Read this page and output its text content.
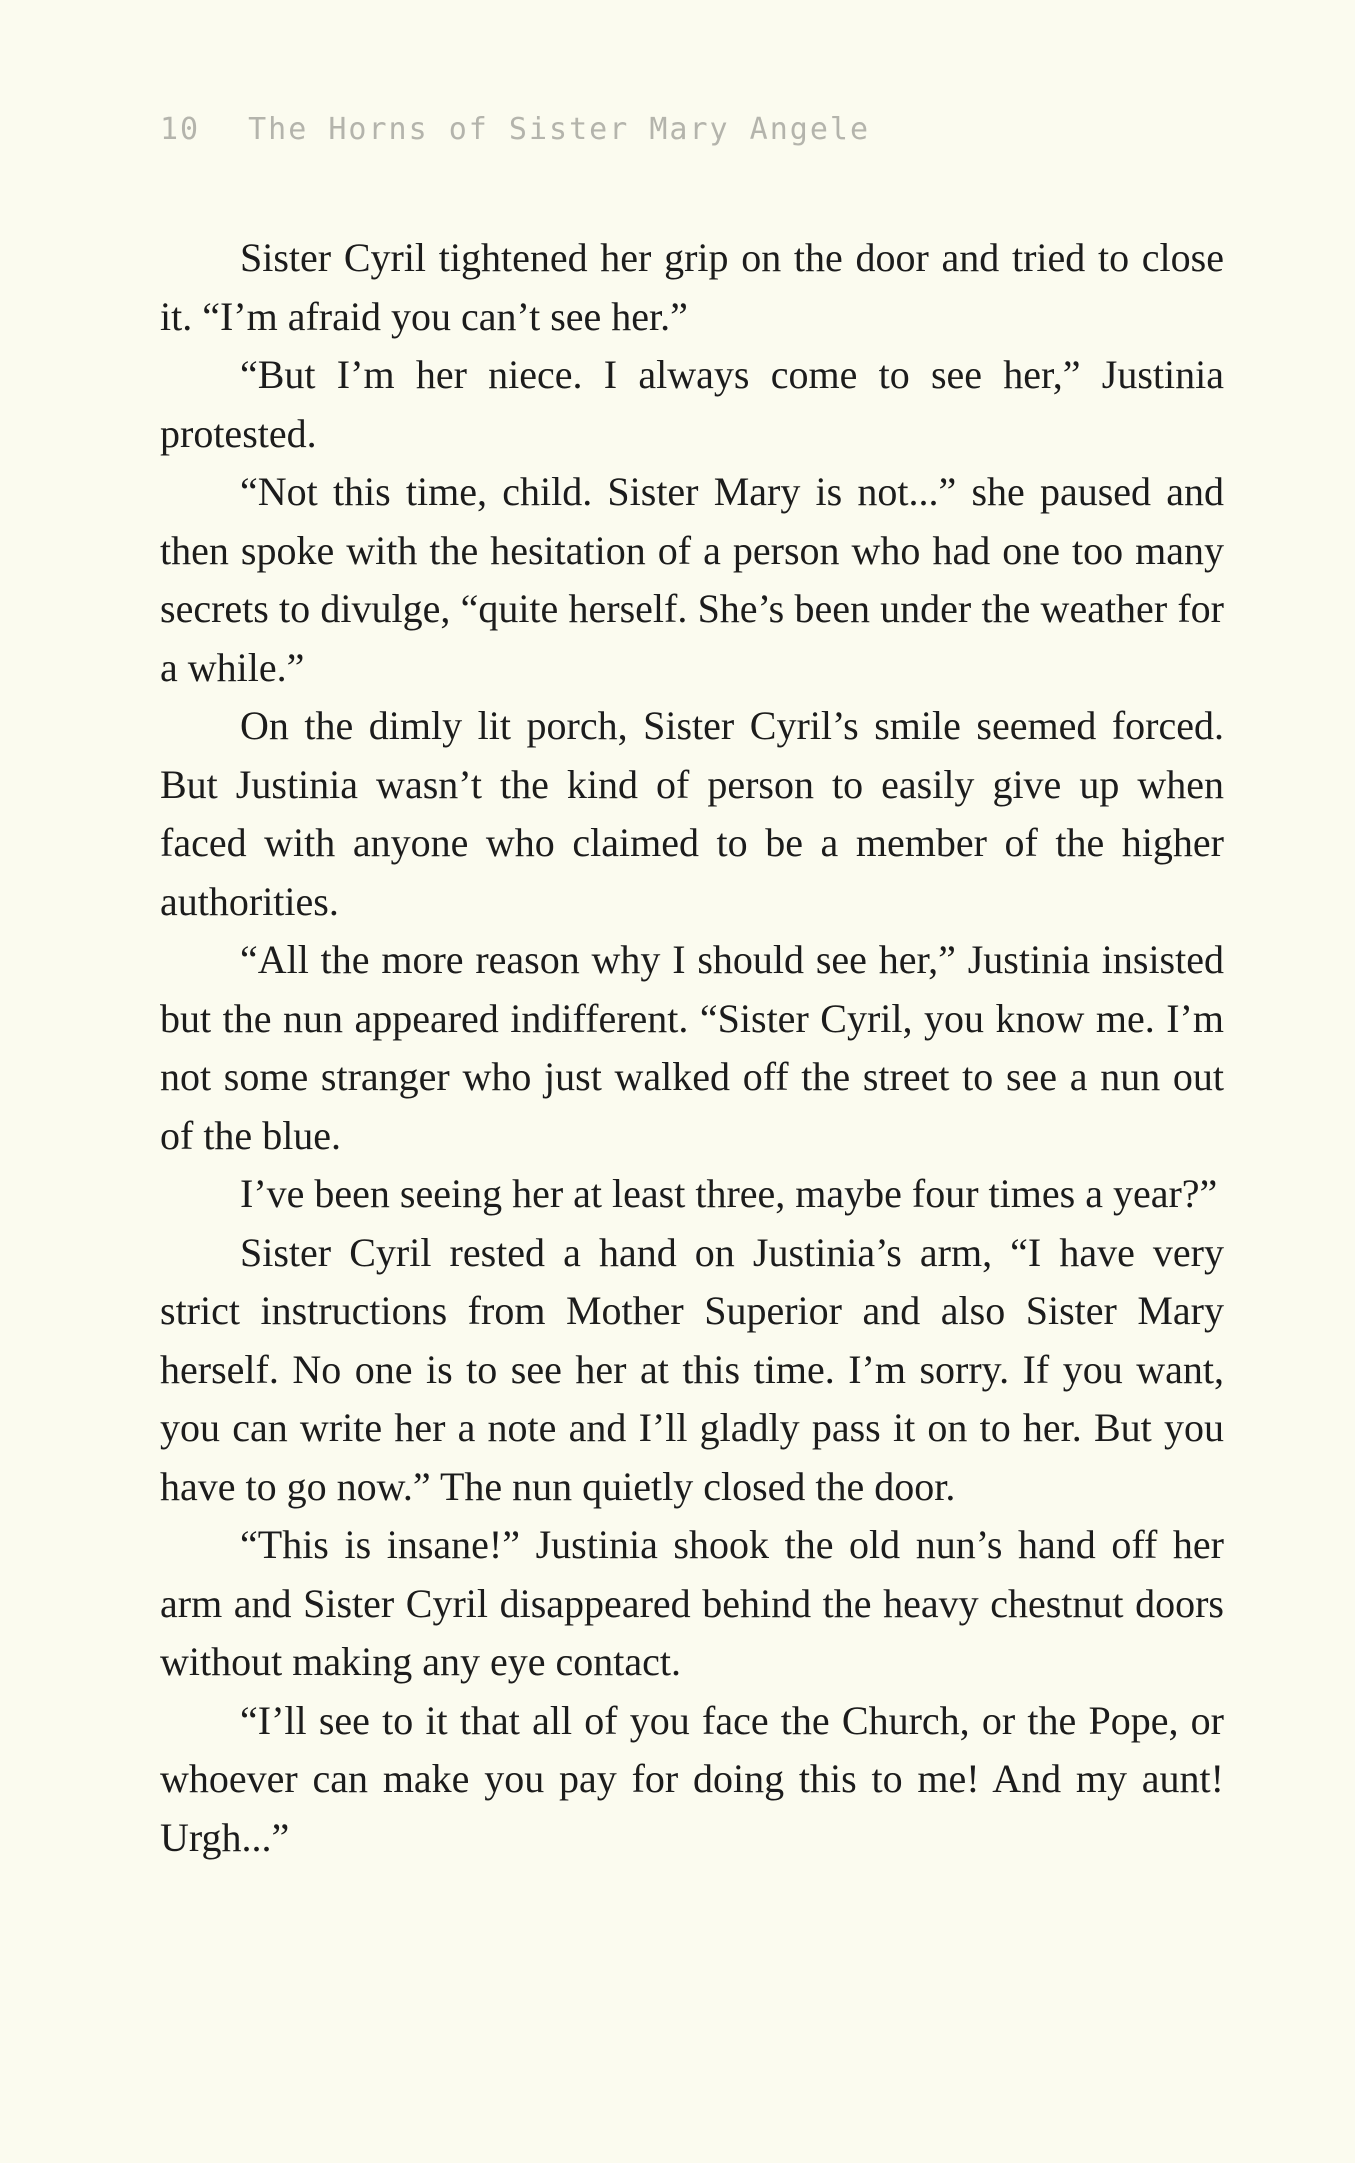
10 The Horns of Sister Mary Angele

Sister Cyril tightened her grip on the door and tried to close it. “I’m afraid you can’t see her.”

“But I’m her niece. I always come to see her,” Justinia protested.

“Not this time, child. Sister Mary is not...” she paused and then spoke with the hesitation of a person who had one too many secrets to divulge, “quite herself. She’s been under the weather for a while.”

On the dimly lit porch, Sister Cyril’s smile seemed forced. But Justinia wasn’t the kind of person to easily give up when faced with anyone who claimed to be a member of the higher authorities.

“All the more reason why I should see her,” Justinia insisted but the nun appeared indifferent. “Sister Cyril, you know me. I’m not some stranger who just walked off the street to see a nun out of the blue.

I’ve been seeing her at least three, maybe four times a year?”

Sister Cyril rested a hand on Justinia’s arm, “I have very strict instructions from Mother Superior and also Sister Mary herself. No one is to see her at this time. I’m sorry. If you want, you can write her a note and I’ll gladly pass it on to her. But you have to go now.” The nun quietly closed the door.

“This is insane!” Justinia shook the old nun’s hand off her arm and Sister Cyril disappeared behind the heavy chestnut doors without making any eye contact.

“I’ll see to it that all of you face the Church, or the Pope, or whoever can make you pay for doing this to me! And my aunt! Urgh...”
